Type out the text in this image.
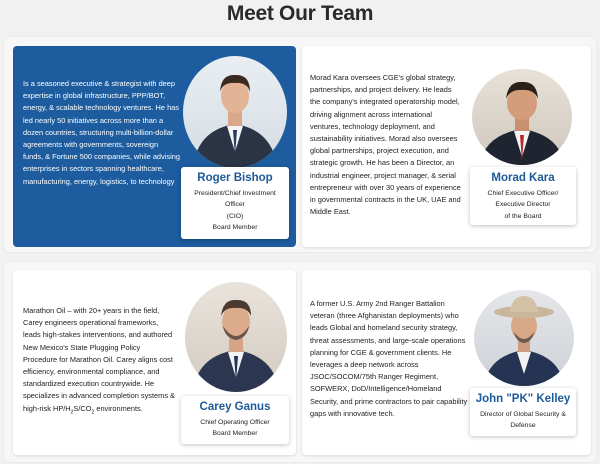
Meet Our Team
Is a seasoned executive & strategist with deep expertise in global infrastructure, PPP/BOT, energy, & scalable technology ventures. He has led nearly 50 initiatives across more than a dozen countries, structuring multi-billion-dollar agreements with governments, sovereign funds, & Fortune 500 companies, while advising enterprises in sectors spanning healthcare, manufacturing, energy, logistics, to technology	Roger Bishop
President/Chief Investment
Officer
(CIO)
Board Member
Morad Kara oversees CGE's global strategy, partnerships, and project delivery. He leads the company's integrated operatorship model, driving alignment across international ventures, technology deployment, and sustainability initiatives. Morad also oversees global partnerships, project execution, and strategic growth. He has been a Director, an industrial engineer, project manager, & serial entrepreneur with over 30 years of experience in governmental contracts in the UK, UAE and Middle East.
Morad Kara
Chief Executive Officer/
Executive Director
of the Board
Marathon Oil – with 20+ years in the field, Carey engineers operational frameworks, leads high-stakes interventions, and authored New Mexico's State Plugging Policy Procedure for Marathon Oil. Carey aligns cost efficiency, environmental compliance, and standardized execution countrywide. He specializes in advanced completion systems & high-risk $HP/H_2S/CO_2$ environments.	Carey Ganus
Chief Operating Officer
Board Member
A former U.S. Army 2nd Ranger Battalion veteran (three Afghanistan deployments) who leads Global and homeland security strategy, threat assessments, and large-scale operations planning for CGE & government clients. He leverages a deep network across JSOC/SOCOM/75th Ranger Regiment, SOFWERX, DoD/Intelligence/Homeland Security, and prime contractors to pair capability gaps with innovative tech.
John "PK" Kelley
Director of Global Security &
Defense
